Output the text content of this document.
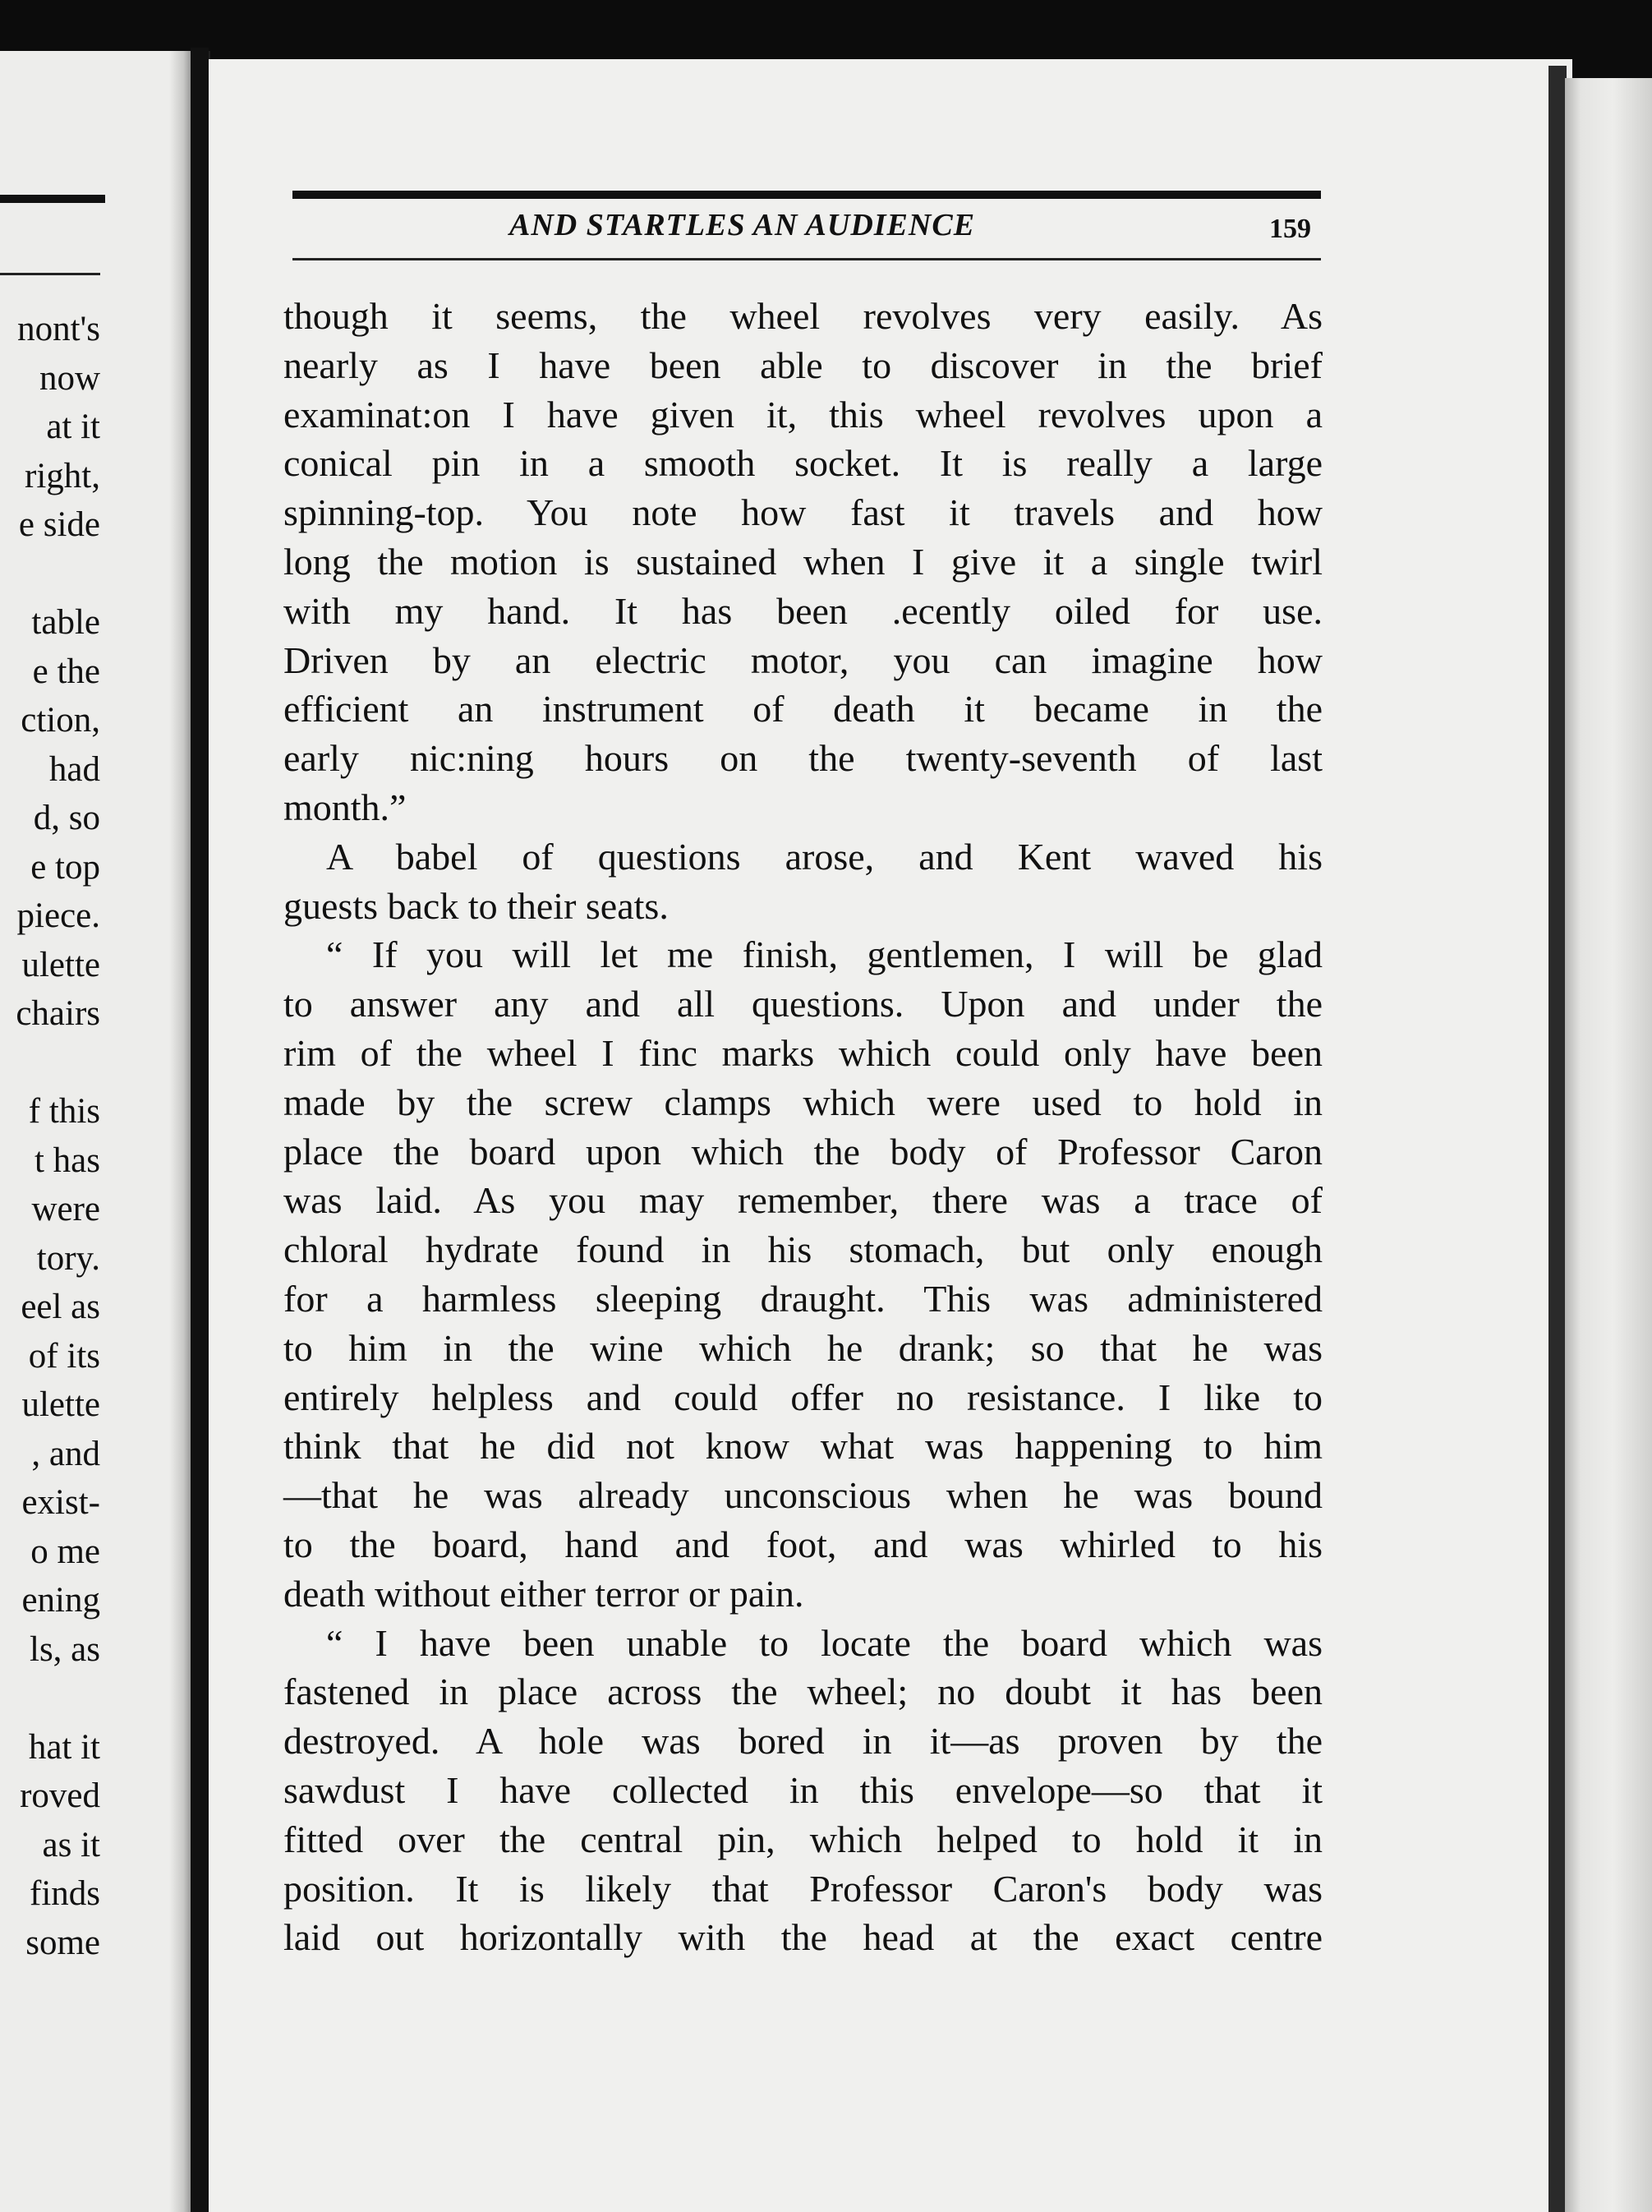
nont's
now
at it
right,
e side

table
e the
ction,
had
d, so
e top
piece.
ulette
chairs

f this
t has
were
tory.
eel as
of its
ulette
, and
exist-
o me
ening
ls, as

hat it
roved
as it
finds
some
AND STARTLES AN AUDIENCE	159
though it seems, the wheel revolves very easily. As
nearly as I have been able to discover in the brief
examinat:on I have given it, this wheel revolves upon a
conical pin in a smooth socket. It is really a large
spinning-top. You note how fast it travels and how
long the motion is sustained when I give it a single twirl
with my hand. It has been .ecently oiled for use.
Driven by an electric motor, you can imagine how
efficient an instrument of death it became in the
early nic:ning hours on the twenty-seventh of last
month.”
A babel of questions arose, and Kent waved his
guests back to their seats.
“ If you will let me finish, gentlemen, I will be glad
to answer any and all questions. Upon and under the
rim of the wheel I finc marks which could only have been
made by the screw clamps which were used to hold in
place the board upon which the body of Professor Caron
was laid. As you may remember, there was a trace of
chloral hydrate found in his stomach, but only enough
for a harmless sleeping draught. This was administered
to him in the wine which he drank; so that he was
entirely helpless and could offer no resistance. I like to
think that he did not know what was happening to him
—that he was already unconscious when he was bound
to the board, hand and foot, and was whirled to his
death without either terror or pain.
“ I have been unable to locate the board which was
fastened in place across the wheel; no doubt it has been
destroyed. A hole was bored in it—as proven by the
sawdust I have collected in this envelope—so that it
fitted over the central pin, which helped to hold it in
position. It is likely that Professor Caron's body was
laid out horizontally with the head at the exact centre
